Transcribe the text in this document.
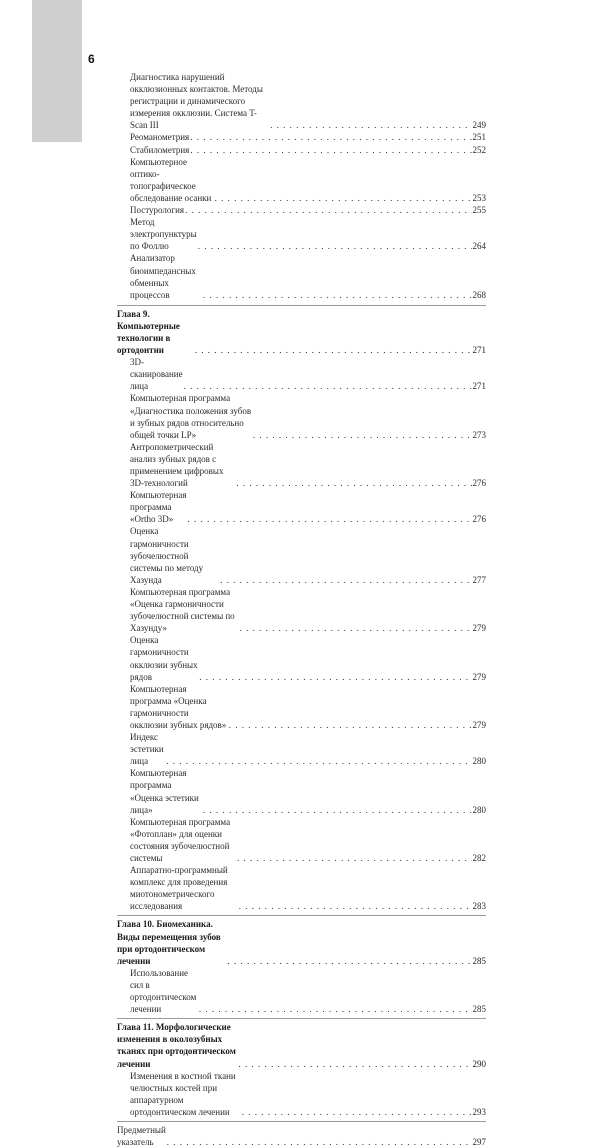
6
Диагностика нарушений окклюзионных контактов. Методы регистрации и динамического измерения окклюзии. Система T-Scan III . . .	249
Реоманометрия . . .	251
Стабилометрия . . .	252
Компьютерное оптико-топографическое обследование осанки . . .	253
Постурология . . .	255
Метод электропунктуры по Фоллю . . .	264
Анализатор биоимпедансных обменных процессов . . .	268
Глава 9. Компьютерные технологии в ортодонтии . . .	271
3D-сканирование лица . . .	271
Компьютерная программа «Диагностика положения зубов и зубных рядов относительно общей точки LP» . . .	273
Антропометрический анализ зубных рядов с применением цифровых 3D-технологий . . .	276
Компьютерная программа «Ortho 3D» . . .	276
Оценка гармоничности зубочелюстной системы по методу Хазунда . . .	277
Компьютерная программа «Оценка гармоничности зубочелюстной системы по Хазунду» . . .	279
Оценка гармоничности окклюзии зубных рядов . . .	279
Компьютерная программа «Оценка гармоничности окклюзии зубных рядов» . . .	279
Индекс эстетики лица . . .	280
Компьютерная программа «Оценка эстетики лица» . . .	280
Компьютерная программа «Фотоплан» для оценки состояния зубочелюстной системы . . .	282
Аппаратно-программный комплекс для проведения миотонометрического исследования . . .	283
Глава 10. Биомеханика. Виды перемещения зубов при ортодонтическом лечении . . .	285
Использование сил в ортодонтическом лечении . . .	285
Глава 11. Морфологические изменения в околозубных тканях при ортодонтическом лечении . . .	290
Изменения в костной ткани челюстных костей при аппаратурном ортодонтическом лечении . . .	293
Предметный указатель . . .	297
